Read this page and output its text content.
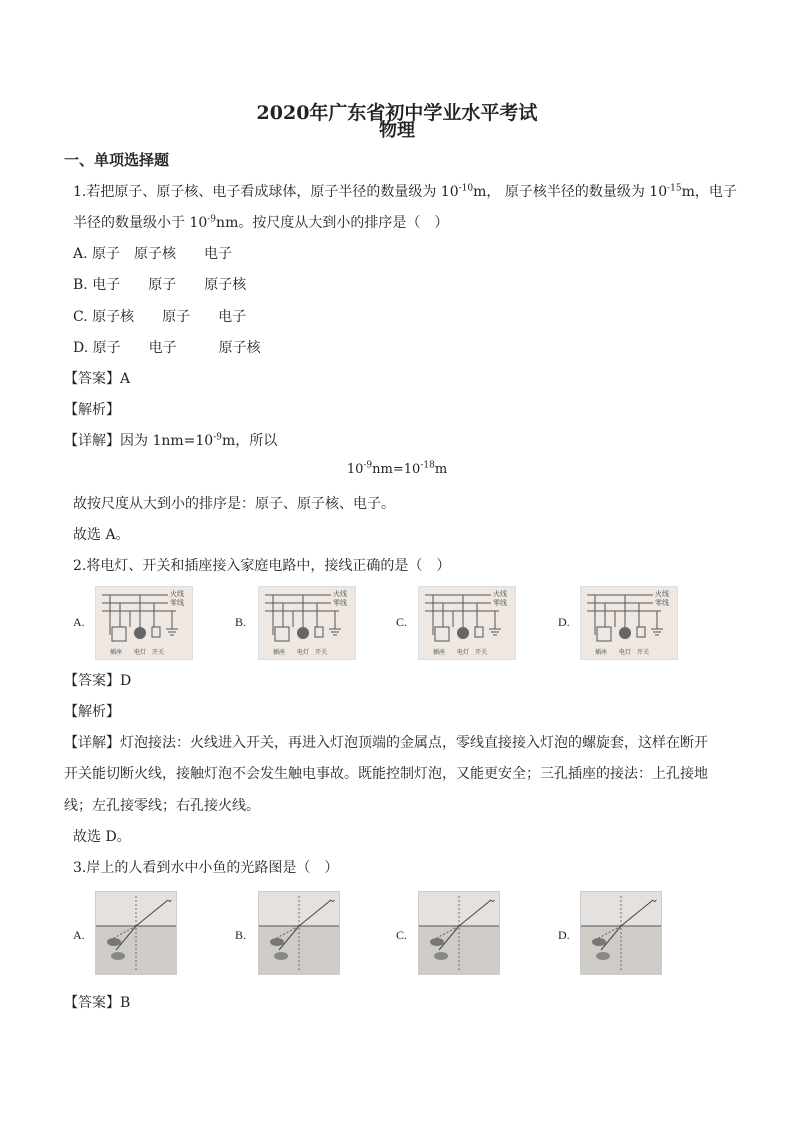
2020年广东省初中学业水平考试
物理
一、单项选择题
1.若把原子、原子核、电子看成球体，原子半径的数量级为 $10^{-10}m$， 原子核半径的数量级为 $10^{-15}m$，电子
半径的数量级小于 $10^{-9}nm$。按尺度从大到小的排序是（　）
A. 原子　原子核　　电子
B. 电子　　原子　　原子核
C. 原子核　　原子　　电子
D. 原子　　电子　　　原子核
【答案】A
【解析】
【详解】因为 $1nm=10^{-9}m$，所以
$10^{-9}nm=10^{-18}m$
故按尺度从大到小的排序是：原子、原子核、电子。
故选 A。
2.将电灯、开关和插座接入家庭电路中，接线正确的是（　）
A.
火线
零线
插座 电灯 开关
B.
火线
零线
插座 电灯 开关
C.
火线
零线
插座 电灯 开关
D.
火线
零线
插座 电灯 开关
【答案】D
【解析】
【详解】灯泡接法：火线进入开关，再进入灯泡顶端的金属点，零线直接接入灯泡的螺旋套，这样在断开
开关能切断火线，接触灯泡不会发生触电事故。既能控制灯泡，又能更安全；三孔插座的接法：上孔接地
线；左孔接零线；右孔接火线。
故选 D。
3.岸上的人看到水中小鱼的光路图是（　）
A.
⌄
B.
⌄
C.
⌄
D.
⌄
【答案】B
